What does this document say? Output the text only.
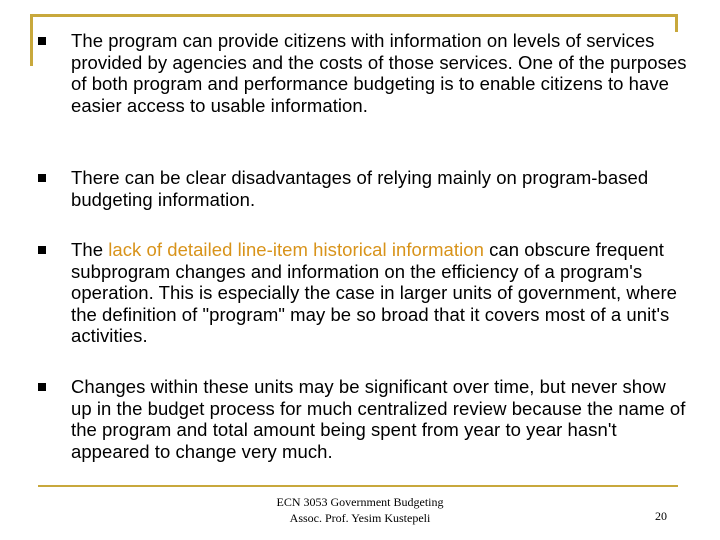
The program can provide citizens with information on levels of services provided by agencies and the costs of those services. One of the purposes of both program and performance budgeting is to enable citizens to have easier access to usable information.
There can be clear disadvantages of relying mainly on program-based budgeting information.
The lack of detailed line-item historical information can obscure frequent subprogram changes and information on the efficiency of a program's operation. This is especially the case in larger units of government, where the definition of "program" may be so broad that it covers most of a unit's activities.
Changes within these units may be significant over time, but never show up in the budget process for much centralized review because the name of the program and total amount being spent from year to year hasn't appeared to change very much.
ECN 3053 Government Budgeting
Assoc. Prof. Yesim Kustepeli	20
